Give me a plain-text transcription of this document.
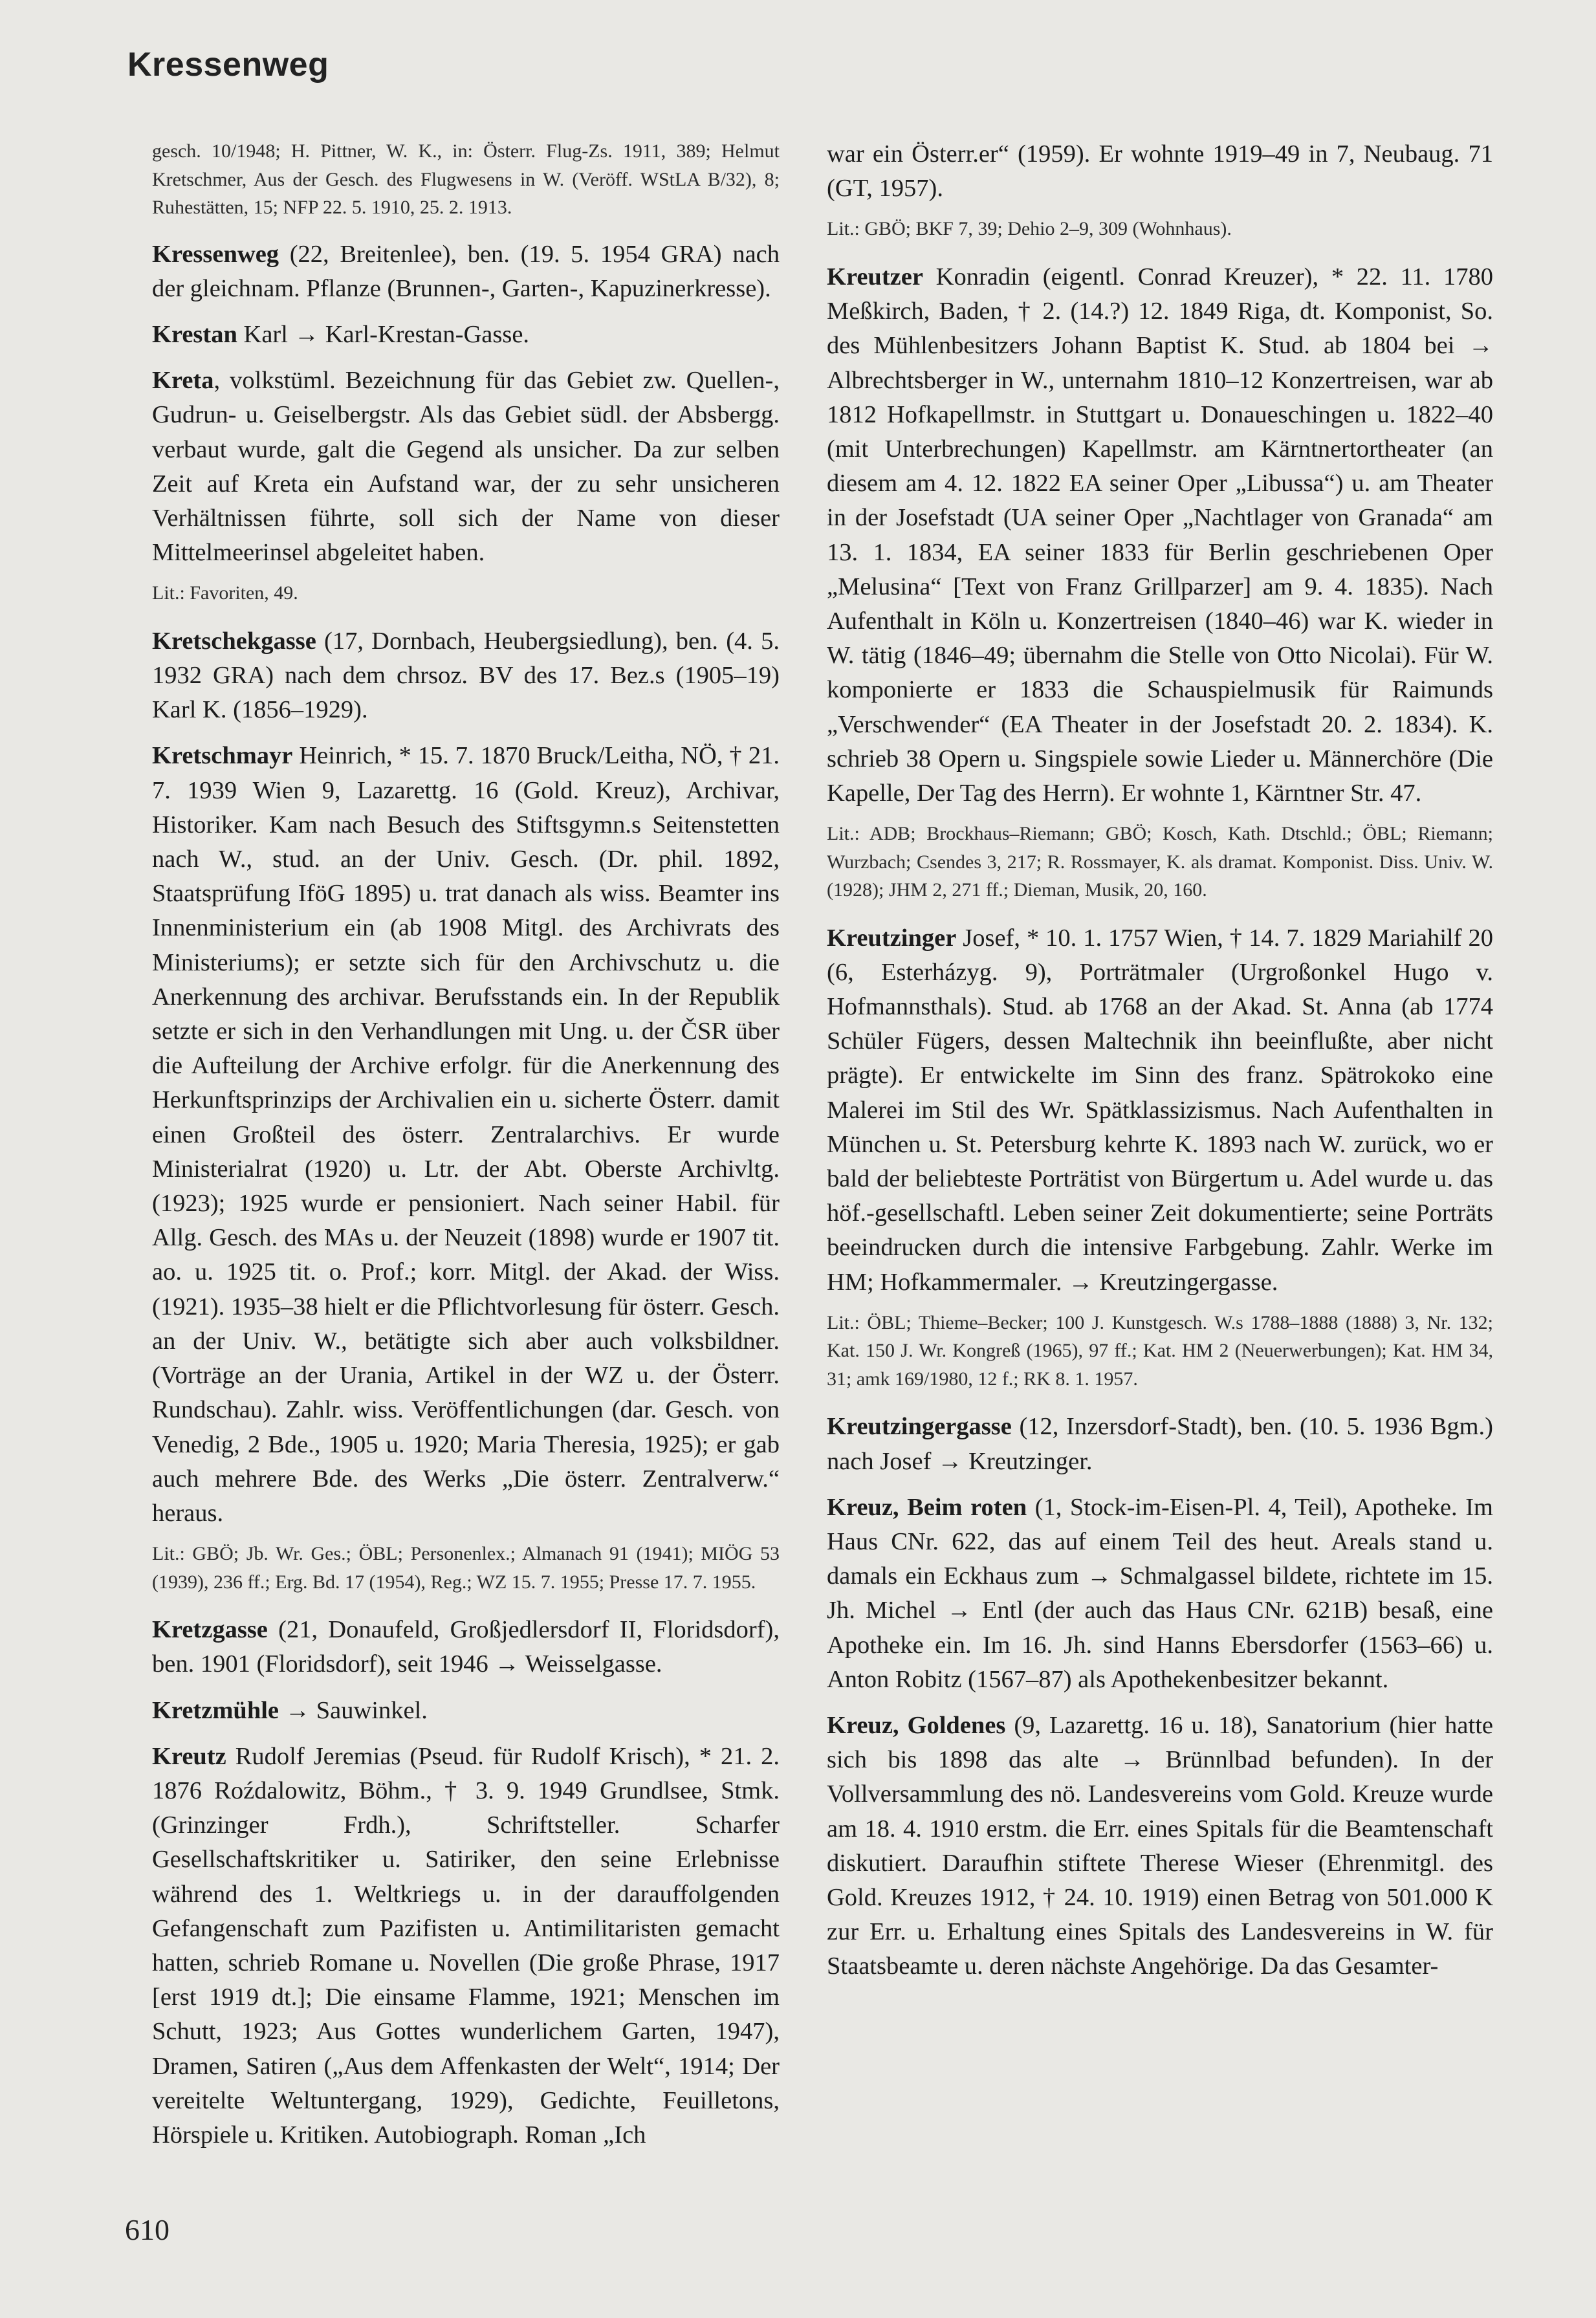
Kressenweg
gesch. 10/1948; H. Pittner, W. K., in: Österr. Flug-Zs. 1911, 389; Helmut Kretschmer, Aus der Gesch. des Flugwesens in W. (Veröff. WStLA B/32), 8; Ruhestätten, 15; NFP 22. 5. 1910, 25. 2. 1913.
Kressenweg (22, Breitenlee), ben. (19. 5. 1954 GRA) nach der gleichnam. Pflanze (Brunnen-, Garten-, Kapuzinerkresse).
Krestan Karl → Karl-Krestan-Gasse.
Kreta, volkstüml. Bezeichnung für das Gebiet zw. Quellen-, Gudrun- u. Geiselbergstr. Als das Gebiet südl. der Absbergg. verbaut wurde, galt die Gegend als unsicher. Da zur selben Zeit auf Kreta ein Aufstand war, der zu sehr unsicheren Verhältnissen führte, soll sich der Name von dieser Mittelmeerinsel abgeleitet haben.
Lit.: Favoriten, 49.
Kretschekgasse (17, Dornbach, Heubergsiedlung), ben. (4. 5. 1932 GRA) nach dem chrsoz. BV des 17. Bez.s (1905–19) Karl K. (1856–1929).
Kretschmayr Heinrich, * 15. 7. 1870 Bruck/Leitha, NÖ, † 21. 7. 1939 Wien 9, Lazarettg. 16 (Gold. Kreuz), Archivar, Historiker. Kam nach Besuch des Stiftsgymn.s Seitenstetten nach W., stud. an der Univ. Gesch. (Dr. phil. 1892, Staatsprüfung IföG 1895) u. trat danach als wiss. Beamter ins Innenministerium ein (ab 1908 Mitgl. des Archivrats des Ministeriums); er setzte sich für den Archivschutz u. die Anerkennung des archivar. Berufsstands ein. In der Republik setzte er sich in den Verhandlungen mit Ung. u. der ČSR über die Aufteilung der Archive erfolgr. für die Anerkennung des Herkunftsprinzips der Archivalien ein u. sicherte Österr. damit einen Großteil des österr. Zentralarchivs. Er wurde Ministerialrat (1920) u. Ltr. der Abt. Oberste Archivltg. (1923); 1925 wurde er pensioniert. Nach seiner Habil. für Allg. Gesch. des MAs u. der Neuzeit (1898) wurde er 1907 tit. ao. u. 1925 tit. o. Prof.; korr. Mitgl. der Akad. der Wiss. (1921). 1935–38 hielt er die Pflichtvorlesung für österr. Gesch. an der Univ. W., betätigte sich aber auch volksbildner. (Vorträge an der Urania, Artikel in der WZ u. der Österr. Rundschau). Zahlr. wiss. Veröffentlichungen (dar. Gesch. von Venedig, 2 Bde., 1905 u. 1920; Maria Theresia, 1925); er gab auch mehrere Bde. des Werks „Die österr. Zentralverw.“ heraus.
Lit.: GBÖ; Jb. Wr. Ges.; ÖBL; Personenlex.; Almanach 91 (1941); MIÖG 53 (1939), 236 ff.; Erg. Bd. 17 (1954), Reg.; WZ 15. 7. 1955; Presse 17. 7. 1955.
Kretzgasse (21, Donaufeld, Großjedlersdorf II, Floridsdorf), ben. 1901 (Floridsdorf), seit 1946 → Weisselgasse.
Kretzmühle → Sauwinkel.
Kreutz Rudolf Jeremias (Pseud. für Rudolf Krisch), * 21. 2. 1876 Roźdalowitz, Böhm., † 3. 9. 1949 Grundlsee, Stmk. (Grinzinger Frdh.), Schriftsteller. Scharfer Gesellschaftskritiker u. Satiriker, den seine Erlebnisse während des 1. Weltkriegs u. in der darauffolgenden Gefangenschaft zum Pazifisten u. Antimilitaristen gemacht hatten, schrieb Romane u. Novellen (Die große Phrase, 1917 [erst 1919 dt.]; Die einsame Flamme, 1921; Menschen im Schutt, 1923; Aus Gottes wunderlichem Garten, 1947), Dramen, Satiren („Aus dem Affenkasten der Welt“, 1914; Der vereitelte Weltuntergang, 1929), Gedichte, Feuilletons, Hörspiele u. Kritiken. Autobiograph. Roman „Ich
war ein Österr.er“ (1959). Er wohnte 1919–49 in 7, Neubaug. 71 (GT, 1957).
Lit.: GBÖ; BKF 7, 39; Dehio 2–9, 309 (Wohnhaus).
Kreutzer Konradin (eigentl. Conrad Kreuzer), * 22. 11. 1780 Meßkirch, Baden, † 2. (14.?) 12. 1849 Riga, dt. Komponist, So. des Mühlenbesitzers Johann Baptist K. Stud. ab 1804 bei → Albrechtsberger in W., unternahm 1810–12 Konzertreisen, war ab 1812 Hofkapellmstr. in Stuttgart u. Donaueschingen u. 1822–40 (mit Unterbrechungen) Kapellmstr. am Kärntnertortheater (an diesem am 4. 12. 1822 EA seiner Oper „Libussa“) u. am Theater in der Josefstadt (UA seiner Oper „Nachtlager von Granada“ am 13. 1. 1834, EA seiner 1833 für Berlin geschriebenen Oper „Melusina“ [Text von Franz Grillparzer] am 9. 4. 1835). Nach Aufenthalt in Köln u. Konzertreisen (1840–46) war K. wieder in W. tätig (1846–49; übernahm die Stelle von Otto Nicolai). Für W. komponierte er 1833 die Schauspielmusik für Raimunds „Verschwender“ (EA Theater in der Josefstadt 20. 2. 1834). K. schrieb 38 Opern u. Singspiele sowie Lieder u. Männerchöre (Die Kapelle, Der Tag des Herrn). Er wohnte 1, Kärntner Str. 47.
Lit.: ADB; Brockhaus–Riemann; GBÖ; Kosch, Kath. Dtschld.; ÖBL; Riemann; Wurzbach; Csendes 3, 217; R. Rossmayer, K. als dramat. Komponist. Diss. Univ. W. (1928); JHM 2, 271 ff.; Dieman, Musik, 20, 160.
Kreutzinger Josef, * 10. 1. 1757 Wien, † 14. 7. 1829 Mariahilf 20 (6, Esterházyg. 9), Porträtmaler (Urgroßonkel Hugo v. Hofmannsthals). Stud. ab 1768 an der Akad. St. Anna (ab 1774 Schüler Fügers, dessen Maltechnik ihn beeinflußte, aber nicht prägte). Er entwickelte im Sinn des franz. Spätrokoko eine Malerei im Stil des Wr. Spätklassizismus. Nach Aufenthalten in München u. St. Petersburg kehrte K. 1893 nach W. zurück, wo er bald der beliebteste Porträtist von Bürgertum u. Adel wurde u. das höf.-gesellschaftl. Leben seiner Zeit dokumentierte; seine Porträts beeindrucken durch die intensive Farbgebung. Zahlr. Werke im HM; Hofkammermaler. → Kreutzingergasse.
Lit.: ÖBL; Thieme–Becker; 100 J. Kunstgesch. W.s 1788–1888 (1888) 3, Nr. 132; Kat. 150 J. Wr. Kongreß (1965), 97 ff.; Kat. HM 2 (Neuerwerbungen); Kat. HM 34, 31; amk 169/1980, 12 f.; RK 8. 1. 1957.
Kreutzingergasse (12, Inzersdorf-Stadt), ben. (10. 5. 1936 Bgm.) nach Josef → Kreutzinger.
Kreuz, Beim roten (1, Stock-im-Eisen-Pl. 4, Teil), Apotheke. Im Haus CNr. 622, das auf einem Teil des heut. Areals stand u. damals ein Eckhaus zum → Schmalgassel bildete, richtete im 15. Jh. Michel → Entl (der auch das Haus CNr. 621B) besaß, eine Apotheke ein. Im 16. Jh. sind Hanns Ebersdorfer (1563–66) u. Anton Robitz (1567–87) als Apothekenbesitzer bekannt.
Kreuz, Goldenes (9, Lazarettg. 16 u. 18), Sanatorium (hier hatte sich bis 1898 das alte → Brünnlbad befunden). In der Vollversammlung des nö. Landesvereins vom Gold. Kreuze wurde am 18. 4. 1910 erstm. die Err. eines Spitals für die Beamtenschaft diskutiert. Daraufhin stiftete Therese Wieser (Ehrenmitgl. des Gold. Kreuzes 1912, † 24. 10. 1919) einen Betrag von 501.000 K zur Err. u. Erhaltung eines Spitals des Landesvereins in W. für Staatsbeamte u. deren nächste Angehörige. Da das Gesamter-
610
